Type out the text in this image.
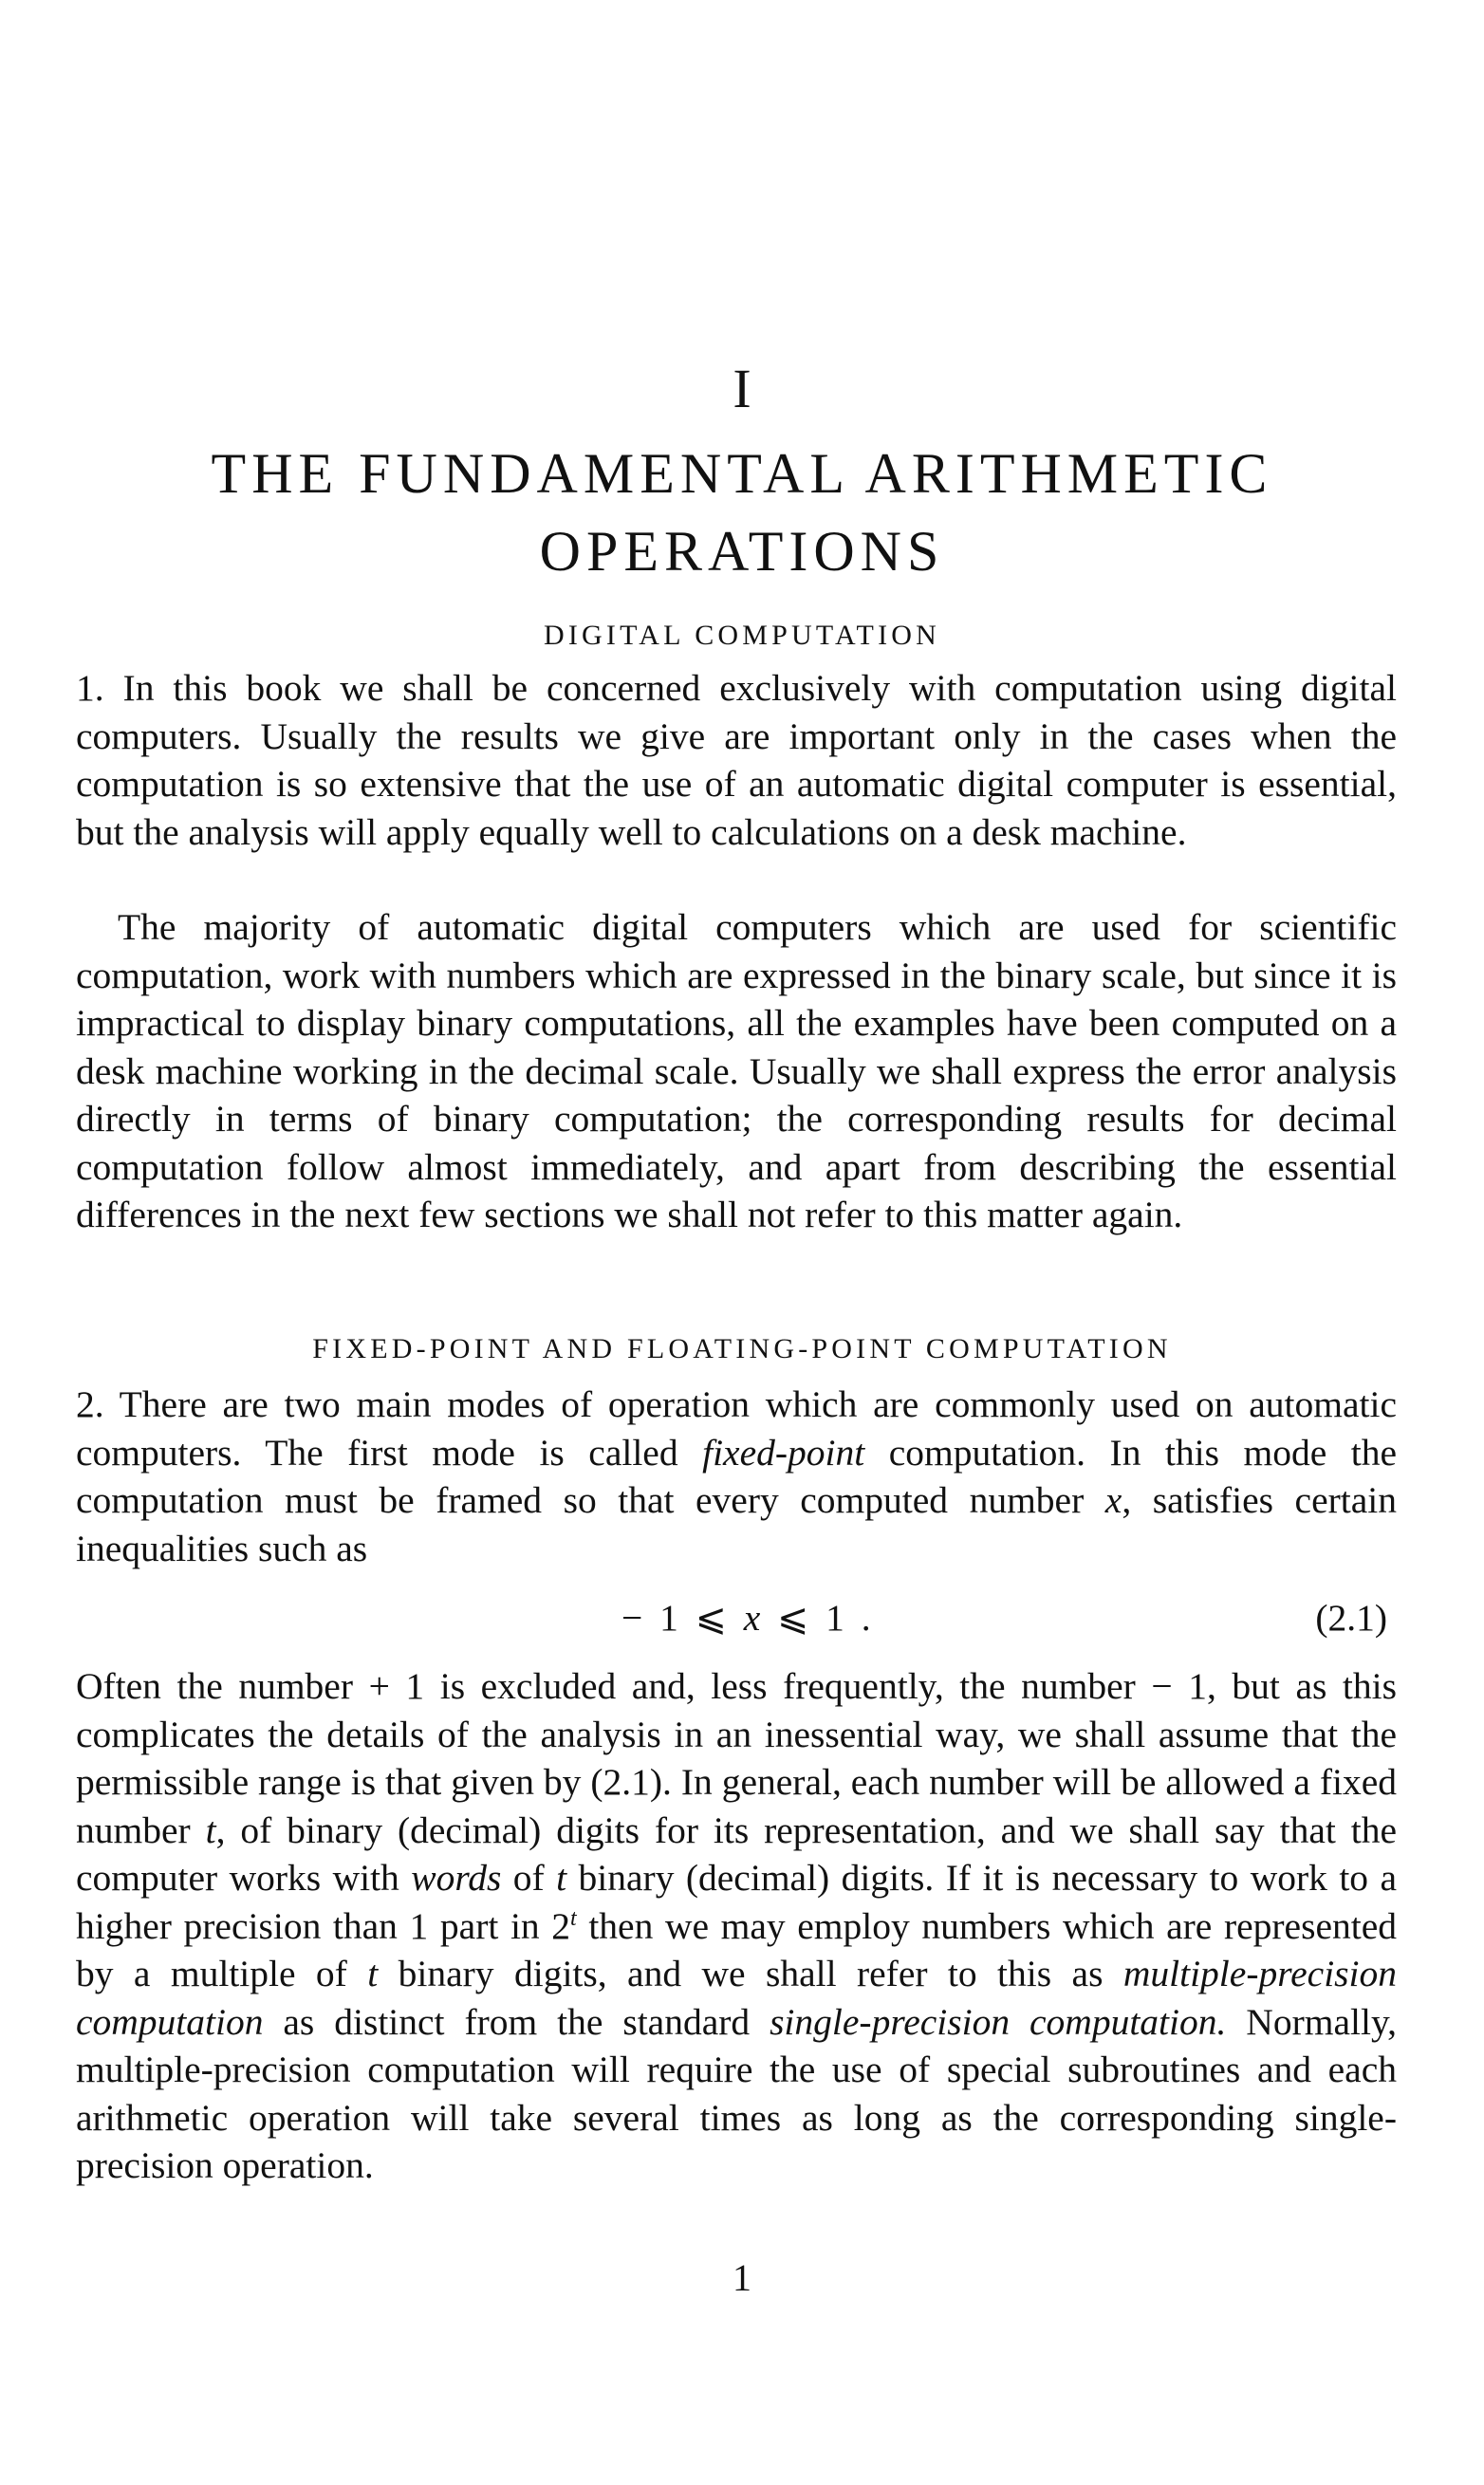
I
THE FUNDAMENTAL ARITHMETIC
OPERATIONS
DIGITAL COMPUTATION

1. In this book we shall be concerned exclusively with computation using digital computers. Usually the results we give are important only in the cases when the computation is so extensive that the use of an automatic digital computer is essential, but the analysis will apply equally well to calculations on a desk machine.

The majority of automatic digital computers which are used for scientific computation, work with numbers which are expressed in the binary scale, but since it is impractical to display binary computations, all the examples have been computed on a desk machine working in the decimal scale. Usually we shall express the error analysis directly in terms of binary computation; the corresponding results for decimal computation follow almost immediately, and apart from describing the essential differences in the next few sections we shall not refer to this matter again.

FIXED-POINT AND FLOATING-POINT COMPUTATION

2. There are two main modes of operation which are commonly used on automatic computers. The first mode is called fixed-point computation. In this mode the computation must be framed so that every computed number x, satisfies certain inequalities such as

− 1 ⩽ x ⩽ 1 .	(2.1)

Often the number + 1 is excluded and, less frequently, the number − 1, but as this complicates the details of the analysis in an inessential way, we shall assume that the permissible range is that given by (2.1). In general, each number will be allowed a fixed number t, of binary (decimal) digits for its representation, and we shall say that the computer works with words of t binary (decimal) digits. If it is necessary to work to a higher precision than 1 part in 2$^t$ then we may employ numbers which are represented by a multiple of t binary digits, and we shall refer to this as multiple-precision computation as distinct from the standard single-precision computation. Normally, multiple-precision computation will require the use of special subroutines and each arithmetic operation will take several times as long as the corresponding single-precision operation.

1
